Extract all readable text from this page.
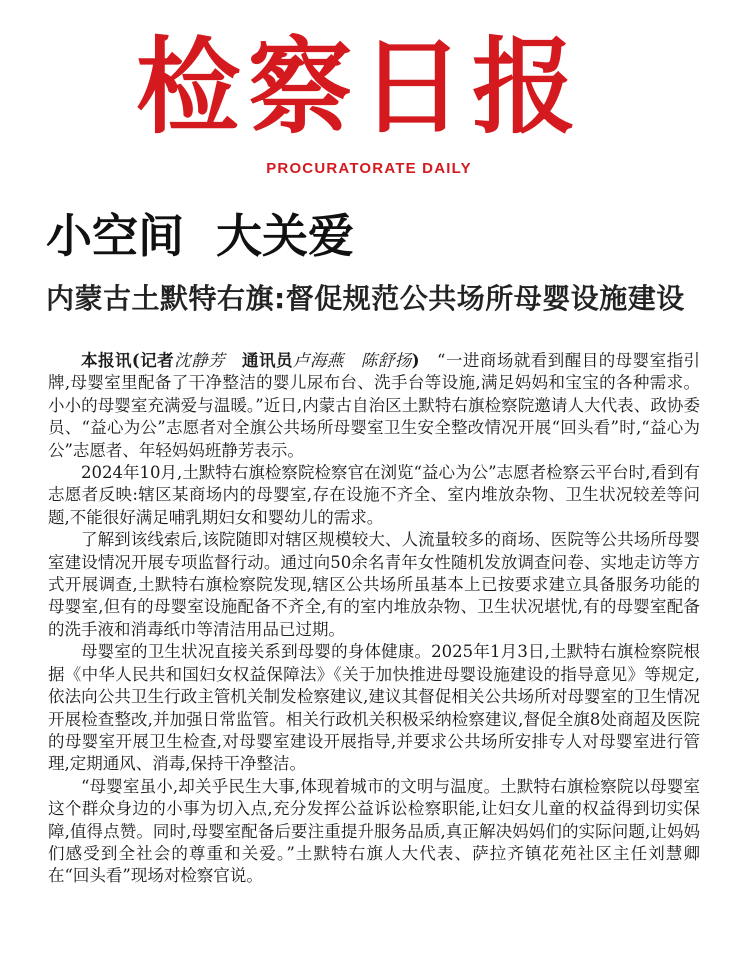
检察日报
PROCURATORATE DAILY
小空间  大关爱
内蒙古土默特右旗:督促规范公共场所母婴设施建设

本报讯(记者沈静芳　 通讯员卢海燕　陈舒扬)　 “一进商场就看到醒目的母婴室指引牌,母婴室里配备了干净整洁的婴儿尿布台、洗手台等设施,满足妈妈和宝宝的各种需求。小小的母婴室充满爱与温暖。”近日,内蒙古自治区土默特右旗检察院邀请人大代表、政协委员、“益心为公”志愿者对全旗公共场所母婴室卫生安全整改情况开展“回头看”时,“益心为公”志愿者、年轻妈妈班静芳表示。

2024年10月,土默特右旗检察院检察官在浏览“益心为公”志愿者检察云平台时,看到有志愿者反映:辖区某商场内的母婴室,存在设施不齐全、室内堆放杂物、卫生状况较差等问题,不能很好满足哺乳期妇女和婴幼儿的需求。

了解到该线索后,该院随即对辖区规模较大、人流量较多的商场、医院等公共场所母婴室建设情况开展专项监督行动。通过向50余名青年女性随机发放调查问卷、实地走访等方式开展调查,土默特右旗检察院发现,辖区公共场所虽基本上已按要求建立具备服务功能的母婴室,但有的母婴室设施配备不齐全,有的室内堆放杂物、卫生状况堪忧,有的母婴室配备的洗手液和消毒纸巾等清洁用品已过期。

母婴室的卫生状况直接关系到母婴的身体健康。2025年1月3日,土默特右旗检察院根据《中华人民共和国妇女权益保障法》《关于加快推进母婴设施建设的指导意见》等规定,依法向公共卫生行政主管机关制发检察建议,建议其督促相关公共场所对母婴室的卫生情况开展检查整改,并加强日常监管。相关行政机关积极采纳检察建议,督促全旗8处商超及医院的母婴室开展卫生检查,对母婴室建设开展指导,并要求公共场所安排专人对母婴室进行管理,定期通风、消毒,保持干净整洁。

“母婴室虽小,却关乎民生大事,体现着城市的文明与温度。土默特右旗检察院以母婴室这个群众身边的小事为切入点,充分发挥公益诉讼检察职能,让妇女儿童的权益得到切实保障,值得点赞。同时,母婴室配备后要注重提升服务品质,真正解决妈妈们的实际问题,让妈妈们感受到全社会的尊重和关爱。”土默特右旗人大代表、萨拉齐镇花苑社区主任刘慧卿在“回头看”现场对检察官说。
